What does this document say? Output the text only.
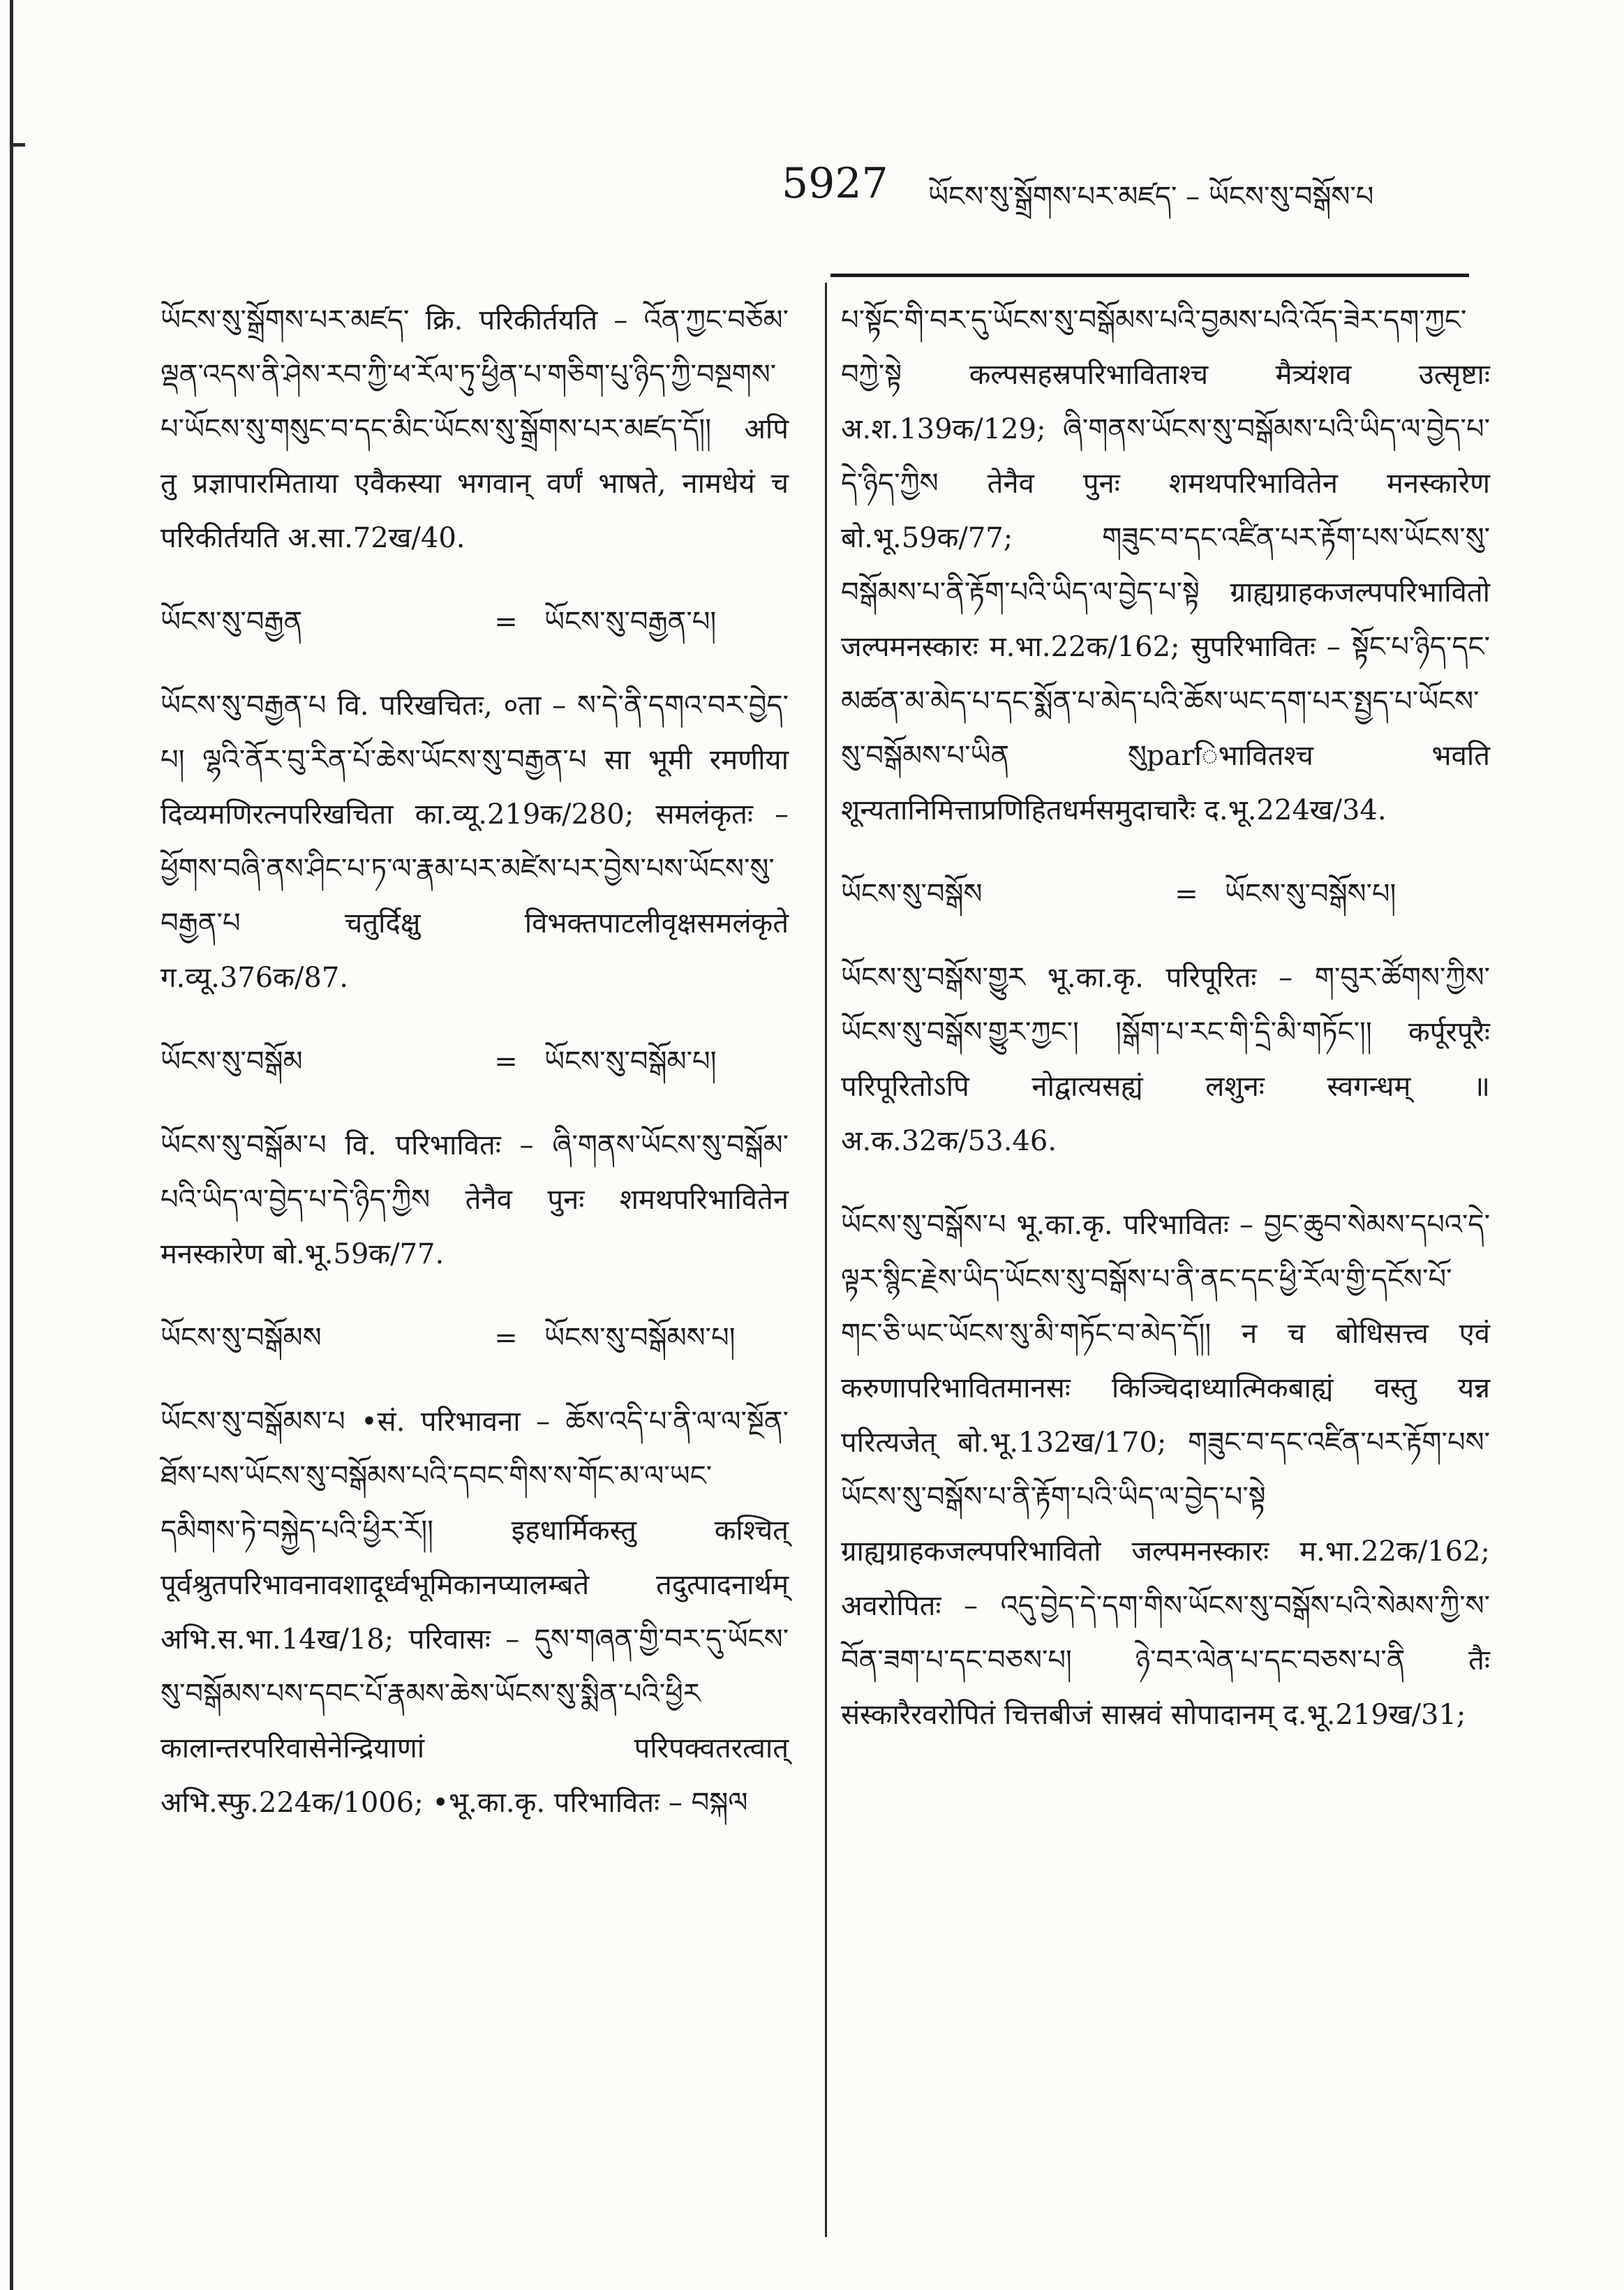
5927 ཡོངས་སུ་སྒྲོགས་པར་མཛད་ – ཡོངས་སུ་བསྒོས་པ
ཡོངས་སུ་སྒྲོགས་པར་མཛད་ क्रि. परिकीर्तयति – འོན་ཀྱང་བཅོམ་ལྡན་འདས་ནི་ཤེས་རབ་ཀྱི་ཕ་རོལ་ཏུ་ཕྱིན་པ་གཅིག་པུ་ཉིད་ཀྱི་བསྔགས་པ་ཡོངས་སུ་གསུང་བ་དང་མིང་ཡོངས་སུ་སྒྲོགས་པར་མཛད་དོ།། अपि तु प्रज्ञापारमिताया एवैकस्या भगवान् वर्णं भाषते, नामधेयं च परिकीर्तयति अ.सा.72ख/40.
ཡོངས་སུ་བརྒྱན	= ཡོངས་སུ་བརྒྱན་པ།
ཡོངས་སུ་བརྒྱན་པ वि. परिखचितः, ०ता – ས་དེ་ནི་དགའ་བར་བྱེད་པ། ལྷའི་ནོར་བུ་རིན་པོ་ཆེས་ཡོངས་སུ་བརྒྱན་པ सा भूमी रमणीया दिव्यमणिरत्नपरिखचिता का.व्यू.219क/280; समलंकृतः – ཕྱོགས་བཞི་ནས་ཤིང་པ་ཏ་ལ་རྣམ་པར་མཛེས་པར་བྱེས་པས་ཡོངས་སུ་བརྒྱན་པ चतुर्दिक्षु विभक्तपाटलीवृक्षसमलंकृते ग.व्यू.376क/87.
ཡོངས་སུ་བསྒོམ	= ཡོངས་སུ་བསྒོམ་པ།
ཡོངས་སུ་བསྒོམ་པ वि. परिभावितः – ཞི་གནས་ཡོངས་སུ་བསྒོམ་པའི་ཡིད་ལ་བྱེད་པ་དེ་ཉིད་ཀྱིས तेनैव पुनः शमथपरिभावितेन मनस्कारेण बो.भू.59क/77.
ཡོངས་སུ་བསྒོམས	= ཡོངས་སུ་བསྒོམས་པ།
ཡོངས་སུ་བསྒོམས་པ •सं. परिभावना – ཆོས་འདི་པ་ནི་ལ་ལ་སྔོན་ཐོས་པས་ཡོངས་སུ་བསྒོམས་པའི་དབང་གིས་ས་གོང་མ་ལ་ཡང་དམིགས་ཏེ་བསྐྱེད་པའི་ཕྱིར་རོ།། इहधार्मिकस्तु कश्चित् पूर्वश्रुतपरिभावनावशादूर्ध्वभूमिकानप्यालम्बते तदुत्पादनार्थम् अभि.स.भा.14ख/18; परिवासः – དུས་གཞན་གྱི་བར་དུ་ཡོངས་སུ་བསྒོམས་པས་དབང་པོ་རྣམས་ཆེས་ཡོངས་སུ་སྨིན་པའི་ཕྱིར कालान्तरपरिवासेनेन्द्रियाणां परिपक्वतरत्वात् अभि.स्फु.224क/1006; •भू.का.कृ. परिभावितः – བསྐལ
པ་སྟོང་གི་བར་དུ་ཡོངས་སུ་བསྒོམས་པའི་བྱམས་པའི་འོད་ཟེར་དག་ཀྱང་བཀྱེ་སྟེ कल्पसहस्रपरिभाविताश्च मैत्र्यंशव उत्सृष्टाः अ.श.139क/129; ཞི་གནས་ཡོངས་སུ་བསྒོམས་པའི་ཡིད་ལ་བྱེད་པ་དེ་ཉིད་ཀྱིས तेनैव पुनः शमथपरिभावितेन मनस्कारेण बो.भू.59क/77; གཟུང་བ་དང་འཛིན་པར་རྟོག་པས་ཡོངས་སུ་བསྒོམས་པ་ནི་རྟོག་པའི་ཡིད་ལ་བྱེད་པ་སྟེ ग्राह्यग्राहकजल्पपरिभावितो जल्पमनस्कारः म.भा.22क/162; सुपरिभावितः – སྟོང་པ་ཉིད་དང་མཚན་མ་མེད་པ་དང་སྨོན་པ་མེད་པའི་ཆོས་ཡང་དག་པར་སྤྱད་པ་ཡོངས་སུ་བསྒོམས་པ་ཡིན སུparिभावितश्च भवति शून्यतानिमित्ताप्रणिहितधर्मसमुदाचारैः द.भू.224ख/34.
ཡོངས་སུ་བསྒོས	= ཡོངས་སུ་བསྒོས་པ།
ཡོངས་སུ་བསྒོས་གྱུར भू.का.कृ. परिपूरितः – ག་བུར་ཚོགས་ཀྱིས་ཡོངས་སུ་བསྒོས་གྱུར་ཀྱང་། །སྒོག་པ་རང་གི་དྲི་མི་གཏོང་།། कर्पूरपूरैः परिपूरितोऽपि नोद्वात्यसह्यं लशुनः स्वगन्धम् ॥ अ.क.32क/53.46.
ཡོངས་སུ་བསྒོས་པ भू.का.कृ. परिभावितः – བྱང་ཆུབ་སེམས་དཔའ་དེ་ལྟར་སྙིང་རྗེས་ཡིད་ཡོངས་སུ་བསྒོས་པ་ནི་ནང་དང་ཕྱི་རོལ་གྱི་དངོས་པོ་གང་ཅི་ཡང་ཡོངས་སུ་མི་གཏོང་བ་མེད་དོ།། न च बोधिसत्त्व एवं करुणापरिभावितमानसः किञ्चिदाध्यात्मिकबाह्यं वस्तु यन्न परित्यजेत् बो.भू.132ख/170; གཟུང་བ་དང་འཛིན་པར་རྟོག་པས་ཡོངས་སུ་བསྒོས་པ་ནི་རྟོག་པའི་ཡིད་ལ་བྱེད་པ་སྟེ ग्राह्यग्राहकजल्पपरिभावितो जल्पमनस्कारः म.भा.22क/162; अवरोपितः – འདུ་བྱེད་དེ་དག་གིས་ཡོངས་སུ་བསྒོས་པའི་སེམས་ཀྱི་ས་བོན་ཟག་པ་དང་བཅས་པ། ཉེ་བར་ལེན་པ་དང་བཅས་པ་ནི तैः संस्कारैरवरोपितं चित्तबीजं सास्रवं सोपादानम् द.भू.219ख/31;
